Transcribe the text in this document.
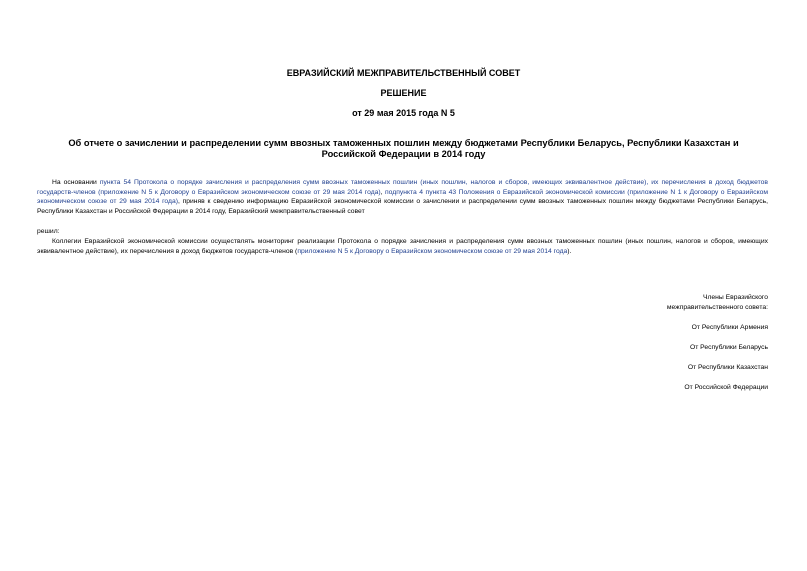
ЕВРАЗИЙСКИЙ МЕЖПРАВИТЕЛЬСТВЕННЫЙ СОВЕТ
РЕШЕНИЕ
от 29 мая 2015 года N 5
Об отчете о зачислении и распределении сумм ввозных таможенных пошлин между бюджетами Республики Беларусь, Республики Казахстан и Российской Федерации в 2014 году
На основании пункта 54 Протокола о порядке зачисления и распределения сумм ввозных таможенных пошлин (иных пошлин, налогов и сборов, имеющих эквивалентное действие), их перечисления в доход бюджетов государств-членов (приложение N 5 к Договору о Евразийском экономическом союзе от 29 мая 2014 года), подпункта 4 пункта 43 Положения о Евразийской экономической комиссии (приложение N 1 к Договору о Евразийском экономическом союзе от 29 мая 2014 года), приняв к сведению информацию Евразийской экономической комиссии о зачислении и распределении сумм ввозных таможенных пошлин между бюджетами Республики Беларусь, Республики Казахстан и Российской Федерации в 2014 году, Евразийский межправительственный совет
решил:
Коллегии Евразийской экономической комиссии осуществлять мониторинг реализации Протокола о порядке зачисления и распределения сумм ввозных таможенных пошлин (иных пошлин, налогов и сборов, имеющих эквивалентное действие), их перечисления в доход бюджетов государств-членов (приложение N 5 к Договору о Евразийском экономическом союзе от 29 мая 2014 года).
Члены Евразийского
межправительственного совета:
От Республики Армения
От Республики Беларусь
От Республики Казахстан
От Российской Федерации
